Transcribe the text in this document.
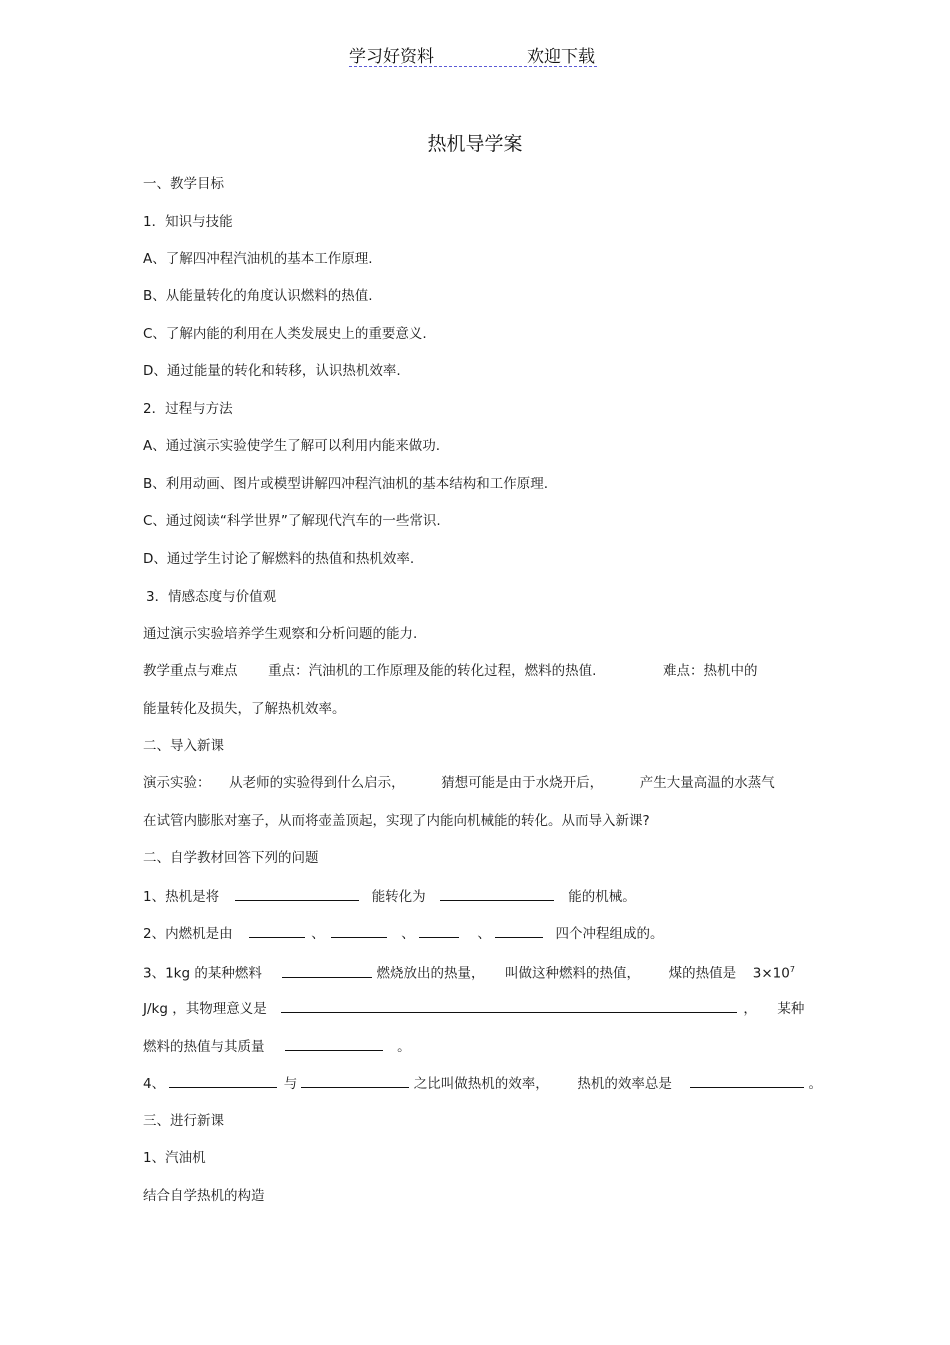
学习好资料	欢迎下载
热机导学案
一、教学目标
1．知识与技能
A、了解四冲程汽油机的基本工作原理.
B、从能量转化的角度认识燃料的热值.
C、了解内能的利用在人类发展史上的重要意义.
D、通过能量的转化和转移，认识热机效率.
2．过程与方法
A、通过演示实验使学生了解可以利用内能来做功.
B、利用动画、图片或模型讲解四冲程汽油机的基本结构和工作原理.
C、通过阅读“科学世界”了解现代汽车的一些常识.
D、通过学生讨论了解燃料的热值和热机效率.
3．情感态度与价值观
通过演示实验培养学生观察和分析问题的能力.
教学重点与难点 重点：汽油机的工作原理及能的转化过程，燃料的热值.	难点：热机中的
能量转化及损失，了解热机效率。
二、导入新课
演示实验： 从老师的实验得到什么启示，	猜想可能是由于水烧开后，	产生大量高温的水蒸气
在试管内膨胀对塞子，从而将壶盖顶起，实现了内能向机械能的转化。从而导入新课?
二、自学教材回答下列的问题
1、热机是将	能转化为	能的机械。
2、内燃机是由	、	、	、	四个冲程组成的。
3、1kg 的某种燃料	燃烧放出的热量， 叫做这种燃料的热值， 煤的热值是 $3\times 10^7$
J/kg ，其物理意义是	， 某种
燃料的热值与其质量	。
4、	与	之比叫做热机的效率， 热机的效率总是	。
三、进行新课
1、汽油机
结合自学热机的构造
